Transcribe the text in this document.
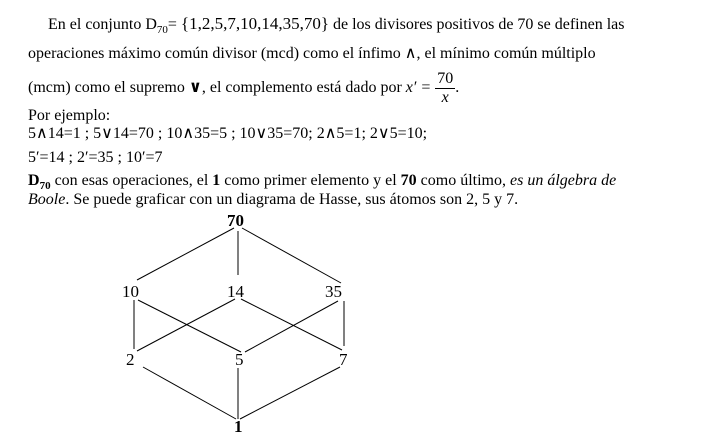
En el conjunto $D_{70}= \{1,2,5,7,10,14,35,70\}$ de los divisores positivos de 70 se definen las
operaciones máximo común divisor (mcd) como el ínfimo ∧, el mínimo común múltiplo
(mcm) como el supremo ∨, el complemento está dado por $x' = \frac{70}{x}$ .
Por ejemplo:
5∧14=1 ; 5∨14=70 ; 10∧35=5 ; 10∨35=70; 2∧5=1; 2∨5=10;
5′=14 ; 2′=35 ; 10′=7
$D_{70}$ con esas operaciones, el 1 como primer elemento y el 70 como último, es un álgebra de
Boole. Se puede graficar con un diagrama de Hasse, sus átomos son 2, 5 y 7.
70
10	14	35
2	5	7
1
